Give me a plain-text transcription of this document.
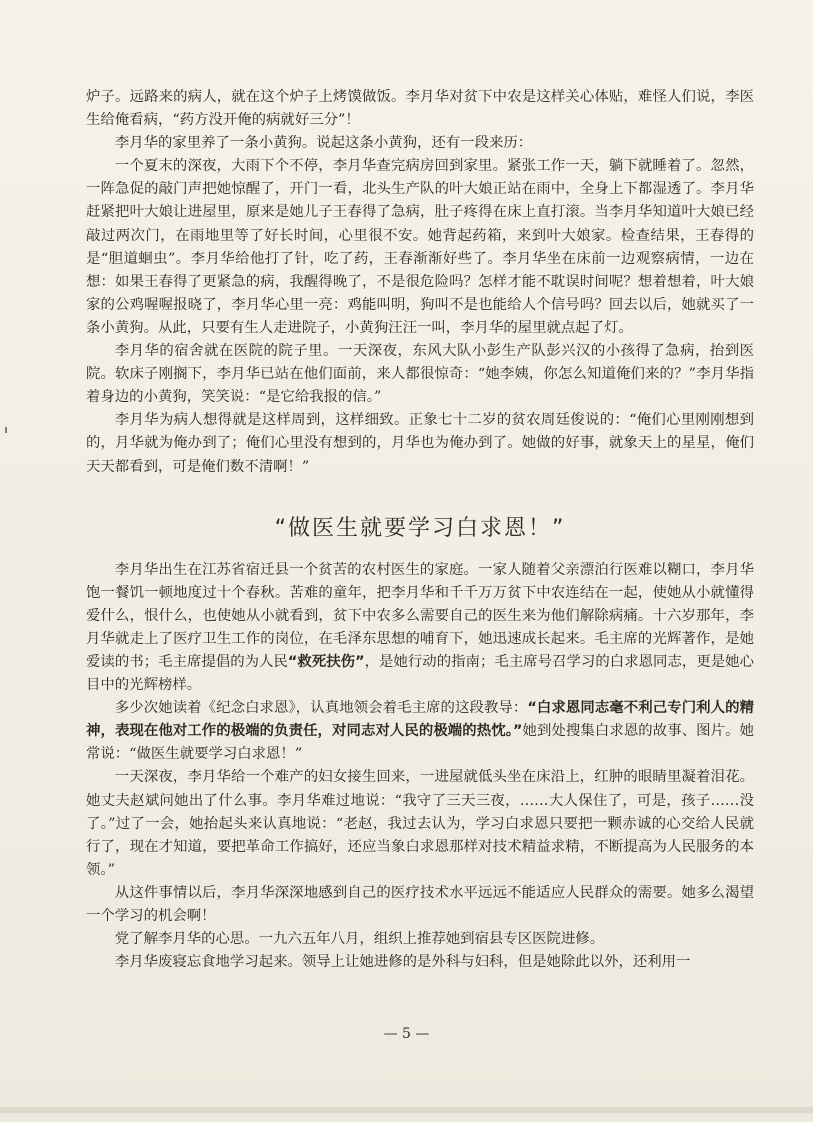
炉子。远路来的病人，就在这个炉子上烤馍做饭。李月华对贫下中农是这样关心体贴，难怪人们说，李医生给俺看病，“药方没开俺的病就好三分”！

李月华的家里养了一条小黄狗。说起这条小黄狗，还有一段来历：

一个夏末的深夜，大雨下个不停，李月华查完病房回到家里。紧张工作一天，躺下就睡着了。忽然，一阵急促的敲门声把她惊醒了，开门一看，北头生产队的叶大娘正站在雨中，全身上下都湿透了。李月华赶紧把叶大娘让进屋里，原来是她儿子王春得了急病，肚子疼得在床上直打滚。当李月华知道叶大娘已经敲过两次门，在雨地里等了好长时间，心里很不安。她背起药箱，来到叶大娘家。检查结果，王春得的是“胆道蛔虫”。李月华给他打了针，吃了药，王春渐渐好些了。李月华坐在床前一边观察病情，一边在想：如果王春得了更紧急的病，我醒得晚了，不是很危险吗？怎样才能不耽误时间呢？想着想着，叶大娘家的公鸡喔喔报晓了，李月华心里一亮：鸡能叫明，狗叫不是也能给人个信号吗？回去以后，她就买了一条小黄狗。从此，只要有生人走进院子，小黄狗汪汪一叫，李月华的屋里就点起了灯。

李月华的宿舍就在医院的院子里。一天深夜，东风大队小彭生产队彭兴汉的小孩得了急病，抬到医院。软床子刚搁下，李月华已站在他们面前，来人都很惊奇：“她李姨，你怎么知道俺们来的？”李月华指着身边的小黄狗，笑笑说：“是它给我报的信。”

李月华为病人想得就是这样周到，这样细致。正象七十二岁的贫农周廷俊说的：“俺们心里刚刚想到的，月华就为俺办到了；俺们心里没有想到的，月华也为俺办到了。她做的好事，就象天上的星星，俺们天天都看到，可是俺们数不清啊！”

“做医生就要学习白求恩！”

李月华出生在江苏省宿迁县一个贫苦的农村医生的家庭。一家人随着父亲漂泊行医难以糊口，李月华饱一餐饥一顿地度过十个春秋。苦难的童年，把李月华和千千万万贫下中农连结在一起，使她从小就懂得爱什么，恨什么，也使她从小就看到，贫下中农多么需要自己的医生来为他们解除病痛。十六岁那年，李月华就走上了医疗卫生工作的岗位，在毛泽东思想的哺育下，她迅速成长起来。毛主席的光辉著作，是她爱读的书；毛主席提倡的为人民“救死扶伤”，是她行动的指南；毛主席号召学习的白求恩同志，更是她心目中的光辉榜样。

多少次她读着《纪念白求恩》，认真地领会着毛主席的这段教导：“白求恩同志毫不利己专门利人的精神，表现在他对工作的极端的负责任，对同志对人民的极端的热忱。”她到处搜集白求恩的故事、图片。她常说：“做医生就要学习白求恩！”

一天深夜，李月华给一个难产的妇女接生回来，一进屋就低头坐在床沿上，红肿的眼睛里凝着泪花。她丈夫赵斌问她出了什么事。李月华难过地说：“我守了三天三夜，……大人保住了，可是，孩子……没了。”过了一会，她抬起头来认真地说：“老赵，我过去认为，学习白求恩只要把一颗赤诚的心交给人民就行了，现在才知道，要把革命工作搞好，还应当象白求恩那样对技术精益求精，不断提高为人民服务的本领。”

从这件事情以后，李月华深深地感到自己的医疗技术水平远远不能适应人民群众的需要。她多么渴望一个学习的机会啊！

党了解李月华的心思。一九六五年八月，组织上推荐她到宿县专区医院进修。

李月华废寝忘食地学习起来。领导上让她进修的是外科与妇科，但是她除此以外，还利用一

— 5 —
